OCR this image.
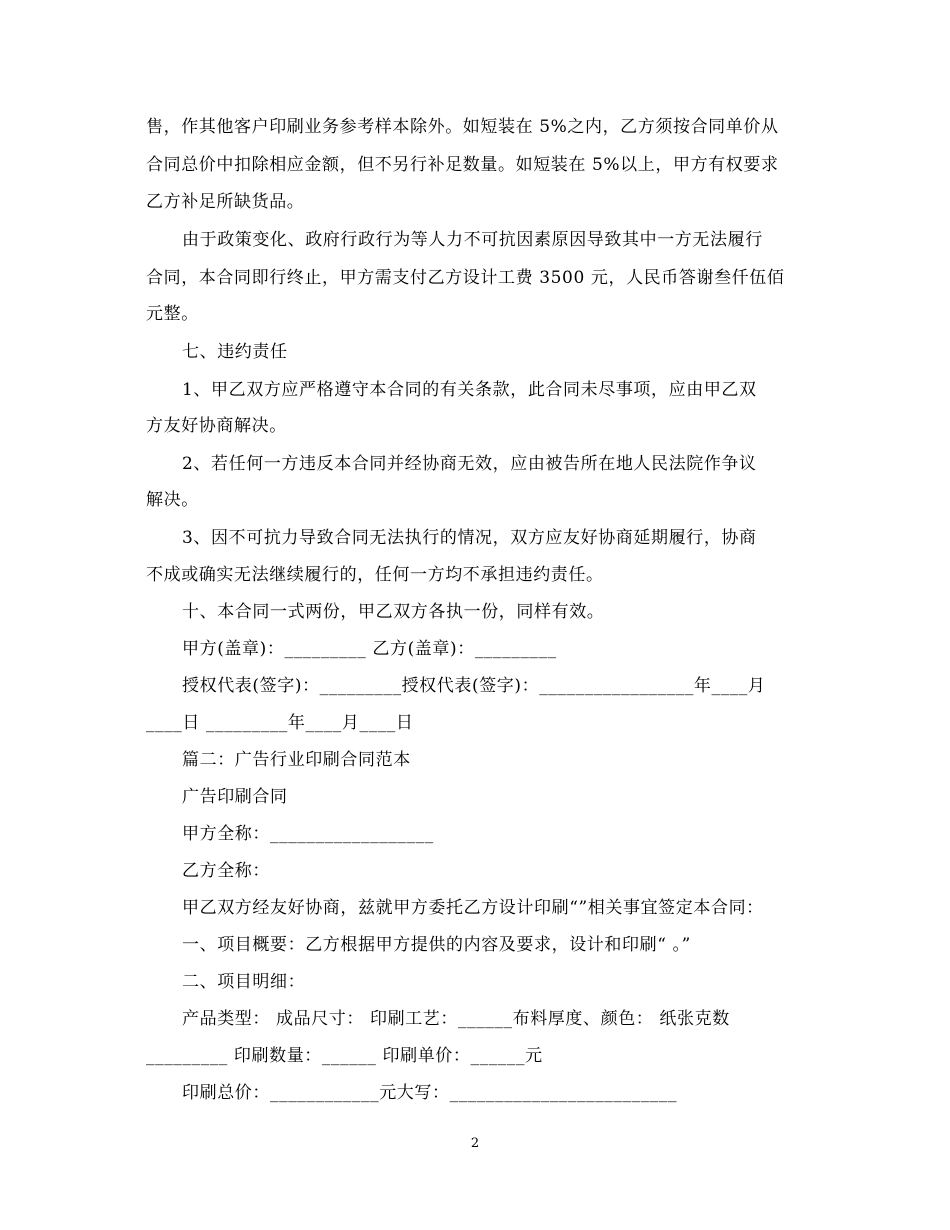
售，作其他客户印刷业务参考样本除外。如短装在 5%之内，乙方须按合同单价从
合同总价中扣除相应金额，但不另行补足数量。如短装在 5%以上，甲方有权要求
乙方补足所缺货品。
由于政策变化、政府行政行为等人力不可抗因素原因导致其中一方无法履行
合同，本合同即行终止，甲方需支付乙方设计工费 3500 元，人民币答谢叁仟伍佰
元整。
七、违约责任
1、甲乙双方应严格遵守本合同的有关条款，此合同未尽事项，应由甲乙双
方友好协商解决。
2、若任何一方违反本合同并经协商无效，应由被告所在地人民法院作争议
解决。
3、因不可抗力导致合同无法执行的情况，双方应友好协商延期履行，协商
不成或确实无法继续履行的，任何一方均不承担违约责任。
十、本合同一式两份，甲乙双方各执一份，同样有效。
甲方(盖章)：_________ 乙方(盖章)：_________
授权代表(签字)：_________授权代表(签字)：_________________年____月
____日 _________年____月____日
篇二：广告行业印刷合同范本
广告印刷合同
甲方全称：__________________
乙方全称：
甲乙双方经友好协商，兹就甲方委托乙方设计印刷“”相关事宜签定本合同：
一、项目概要：乙方根据甲方提供的内容及要求，设计和印刷“ 。”
二、项目明细：
产品类型： 成品尺寸： 印刷工艺：______布料厚度、颜色： 纸张克数
_________ 印刷数量：______ 印刷单价：______元
印刷总价：____________元大写：_________________________
2
